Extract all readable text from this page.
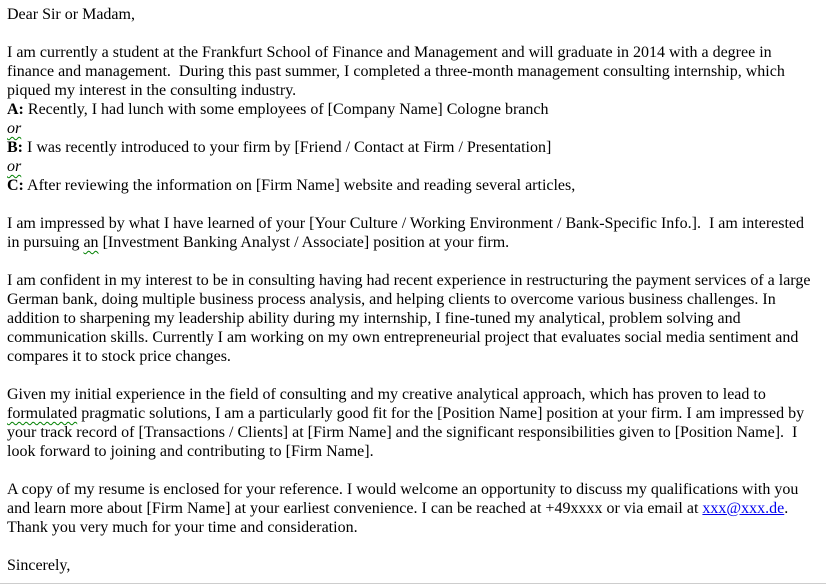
Dear Sir or Madam,

I am currently a student at the Frankfurt School of Finance and Management and will graduate in 2014 with a degree in finance and management.  During this past summer, I completed a three-month management consulting internship, which piqued my interest in the consulting industry.

A: Recently, I had lunch with some employees of [Company Name] Cologne branch

or

B: I was recently introduced to your firm by [Friend / Contact at Firm / Presentation]

or

C: After reviewing the information on [Firm Name] website and reading several articles,

I am impressed by what I have learned of your [Your Culture / Working Environment / Bank-Specific Info.].  I am interested in pursuing an [Investment Banking Analyst / Associate] position at your firm.

I am confident in my interest to be in consulting having had recent experience in restructuring the payment services of a large German bank, doing multiple business process analysis, and helping clients to overcome various business challenges. In addition to sharpening my leadership ability during my internship, I fine-tuned my analytical, problem solving and communication skills. Currently I am working on my own entrepreneurial project that evaluates social media sentiment and compares it to stock price changes.

Given my initial experience in the field of consulting and my creative analytical approach, which has proven to lead to formulated pragmatic solutions, I am a particularly good fit for the [Position Name] position at your firm. I am impressed by your track record of [Transactions / Clients] at [Firm Name] and the significant responsibilities given to [Position Name].  I look forward to joining and contributing to [Firm Name].

A copy of my resume is enclosed for your reference. I would welcome an opportunity to discuss my qualifications with you and learn more about [Firm Name] at your earliest convenience. I can be reached at +49xxxx or via email at xxx@xxx.de. Thank you very much for your time and consideration.

Sincerely,
